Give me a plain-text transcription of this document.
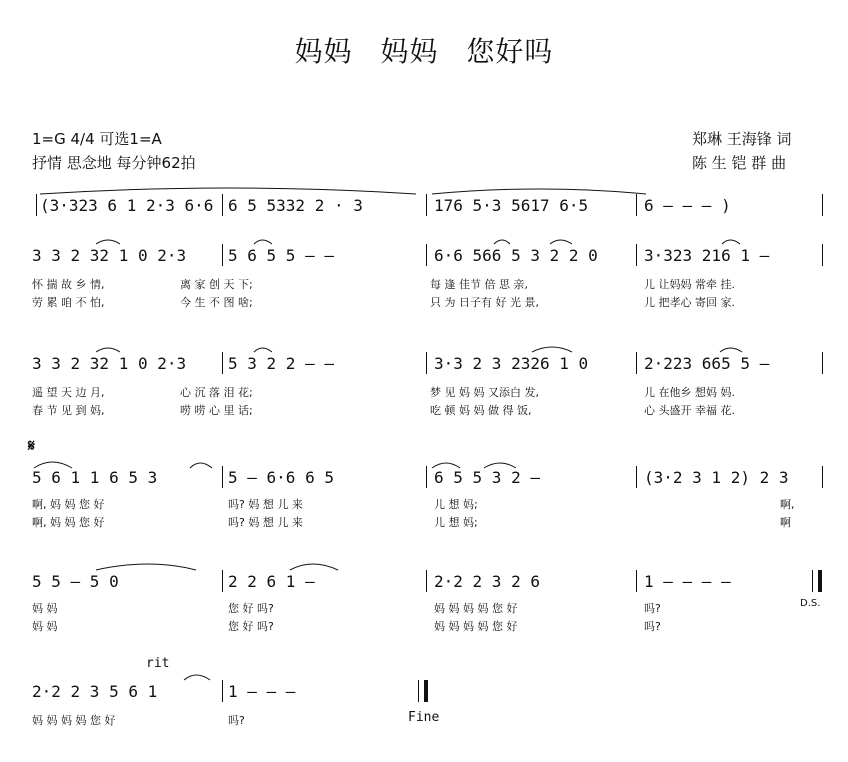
妈妈 妈妈 您好吗
1=G 4/4 可选1=A
抒情 思念地 每分钟62拍
郑琳 王海锋 词
陈 生 铠 群 曲
(3·323 6 1 2·3 6·6 6 5 5332 2 · 3	176 5·3 5617 6·5	6 – – – )
3 3 2 32 1 0 2·3	5 6 5 5 – –	6·6 566 5 3 2 2 0	3·323 216 1 –
怀 揣 故 乡 情,	离 家 创 天 下;	每 逢 佳节 倍 思 亲,	儿 让妈妈 常牵 挂.
劳 累 咱 不 怕,	今 生 不 图 啥;	只 为 日子有 好 光 景,	儿 把孝心 寄回 家.
3 3 2 32 1 0 2·3	5 3 2 2 – –	3·3 2 3 2326 1 0	2·223 665 5 –
遥 望 天 边 月,	心 沉 落 泪 花;	梦 见 妈 妈 又添白 发,	儿 在他乡 想妈 妈.
春 节 见 到 妈,	唠 唠 心 里 话;	吃 顿 妈 妈 做 得 饭,	心 头盛开 幸福 花.
𝄋
5 6 1 1 6 5 3	5 – 6·6 6 5	6 5 5 3 2 –	(3·2 3 1 2) 2 3
啊, 妈 妈 您 好	吗? 妈 想 儿 来	儿 想 妈;	啊,
啊, 妈 妈 您 好	吗? 妈 想 儿 来	儿 想 妈;	啊
5 5 – 5 0	2 2 6 1 –	2·2 2 3 2 6	1 – – – –
D.S.
妈 妈	您 好 吗?	妈 妈 妈 妈 您 好	吗?
妈 妈	您 好 吗?	妈 妈 妈 妈 您 好	吗?
rit
2·2 2 3 5 6 1	1 – – –
Fine
妈 妈 妈 妈 您 好	吗?
